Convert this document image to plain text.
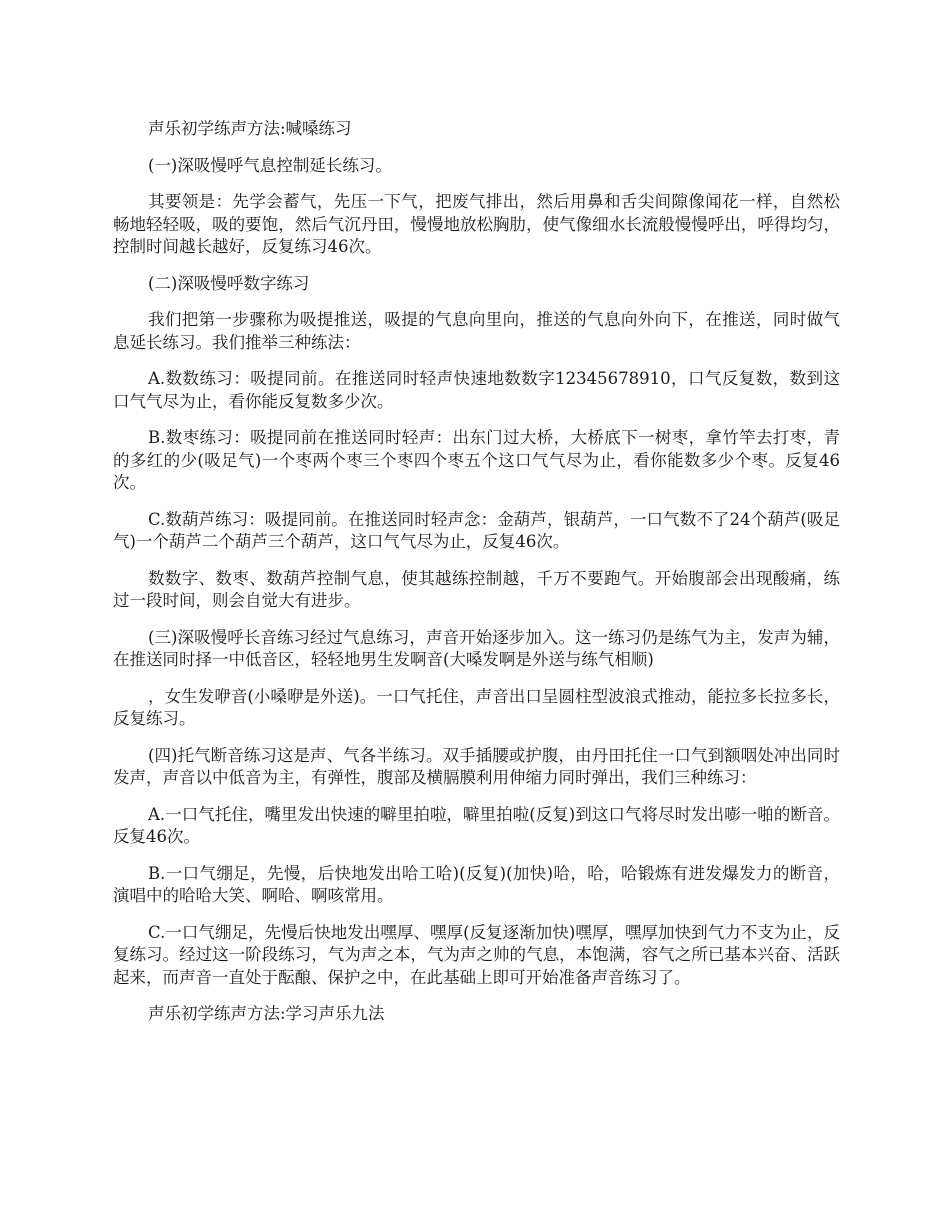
声乐初学练声方法:喊嗓练习

(一)深吸慢呼气息控制延长练习。

其要领是：先学会蓄气，先压一下气，把废气排出，然后用鼻和舌尖间隙像闻花一样，自然松畅地轻轻吸，吸的要饱，然后气沉丹田，慢慢地放松胸肋，使气像细水长流般慢慢呼出，呼得均匀，控制时间越长越好，反复练习46次。

(二)深吸慢呼数字练习

我们把第一步骤称为吸提推送，吸提的气息向里向，推送的气息向外向下，在推送，同时做气息延长练习。我们推举三种练法：

A.数数练习：吸提同前。在推送同时轻声快速地数数字12345678910，口气反复数，数到这口气气尽为止，看你能反复数多少次。

B.数枣练习：吸提同前在推送同时轻声：出东门过大桥，大桥底下一树枣，拿竹竿去打枣，青的多红的少(吸足气)一个枣两个枣三个枣四个枣五个这口气气尽为止，看你能数多少个枣。反复46次。

C.数葫芦练习：吸提同前。在推送同时轻声念：金葫芦，银葫芦，一口气数不了24个葫芦(吸足气)一个葫芦二个葫芦三个葫芦，这口气气尽为止，反复46次。

数数字、数枣、数葫芦控制气息，使其越练控制越，千万不要跑气。开始腹部会出现酸痛，练过一段时间，则会自觉大有进步。

(三)深吸慢呼长音练习经过气息练习，声音开始逐步加入。这一练习仍是练气为主，发声为辅，在推送同时择一中低音区，轻轻地男生发啊音(大嗓发啊是外送与练气相顺)

，女生发咿音(小嗓咿是外送)。一口气托住，声音出口呈圆柱型波浪式推动，能拉多长拉多长，反复练习。

(四)托气断音练习这是声、气各半练习。双手插腰或护腹，由丹田托住一口气到额咽处冲出同时发声，声音以中低音为主，有弹性，腹部及横膈膜利用伸缩力同时弹出，我们三种练习：

A.一口气托住，嘴里发出快速的噼里拍啦，噼里拍啦(反复)到这口气将尽时发出嘭一啪的断音。反复46次。

B.一口气绷足，先慢，后快地发出哈工哈)(反复)(加快)哈，哈，哈锻炼有进发爆发力的断音，演唱中的哈哈大笑、啊哈、啊咳常用。

C.一口气绷足，先慢后快地发出嘿厚、嘿厚(反复逐渐加快)嘿厚，嘿厚加快到气力不支为止，反复练习。经过这一阶段练习，气为声之本，气为声之帅的气息，本饱满，容气之所已基本兴奋、活跃起来，而声音一直处于酝酿、保护之中，在此基础上即可开始准备声音练习了。

声乐初学练声方法:学习声乐九法
